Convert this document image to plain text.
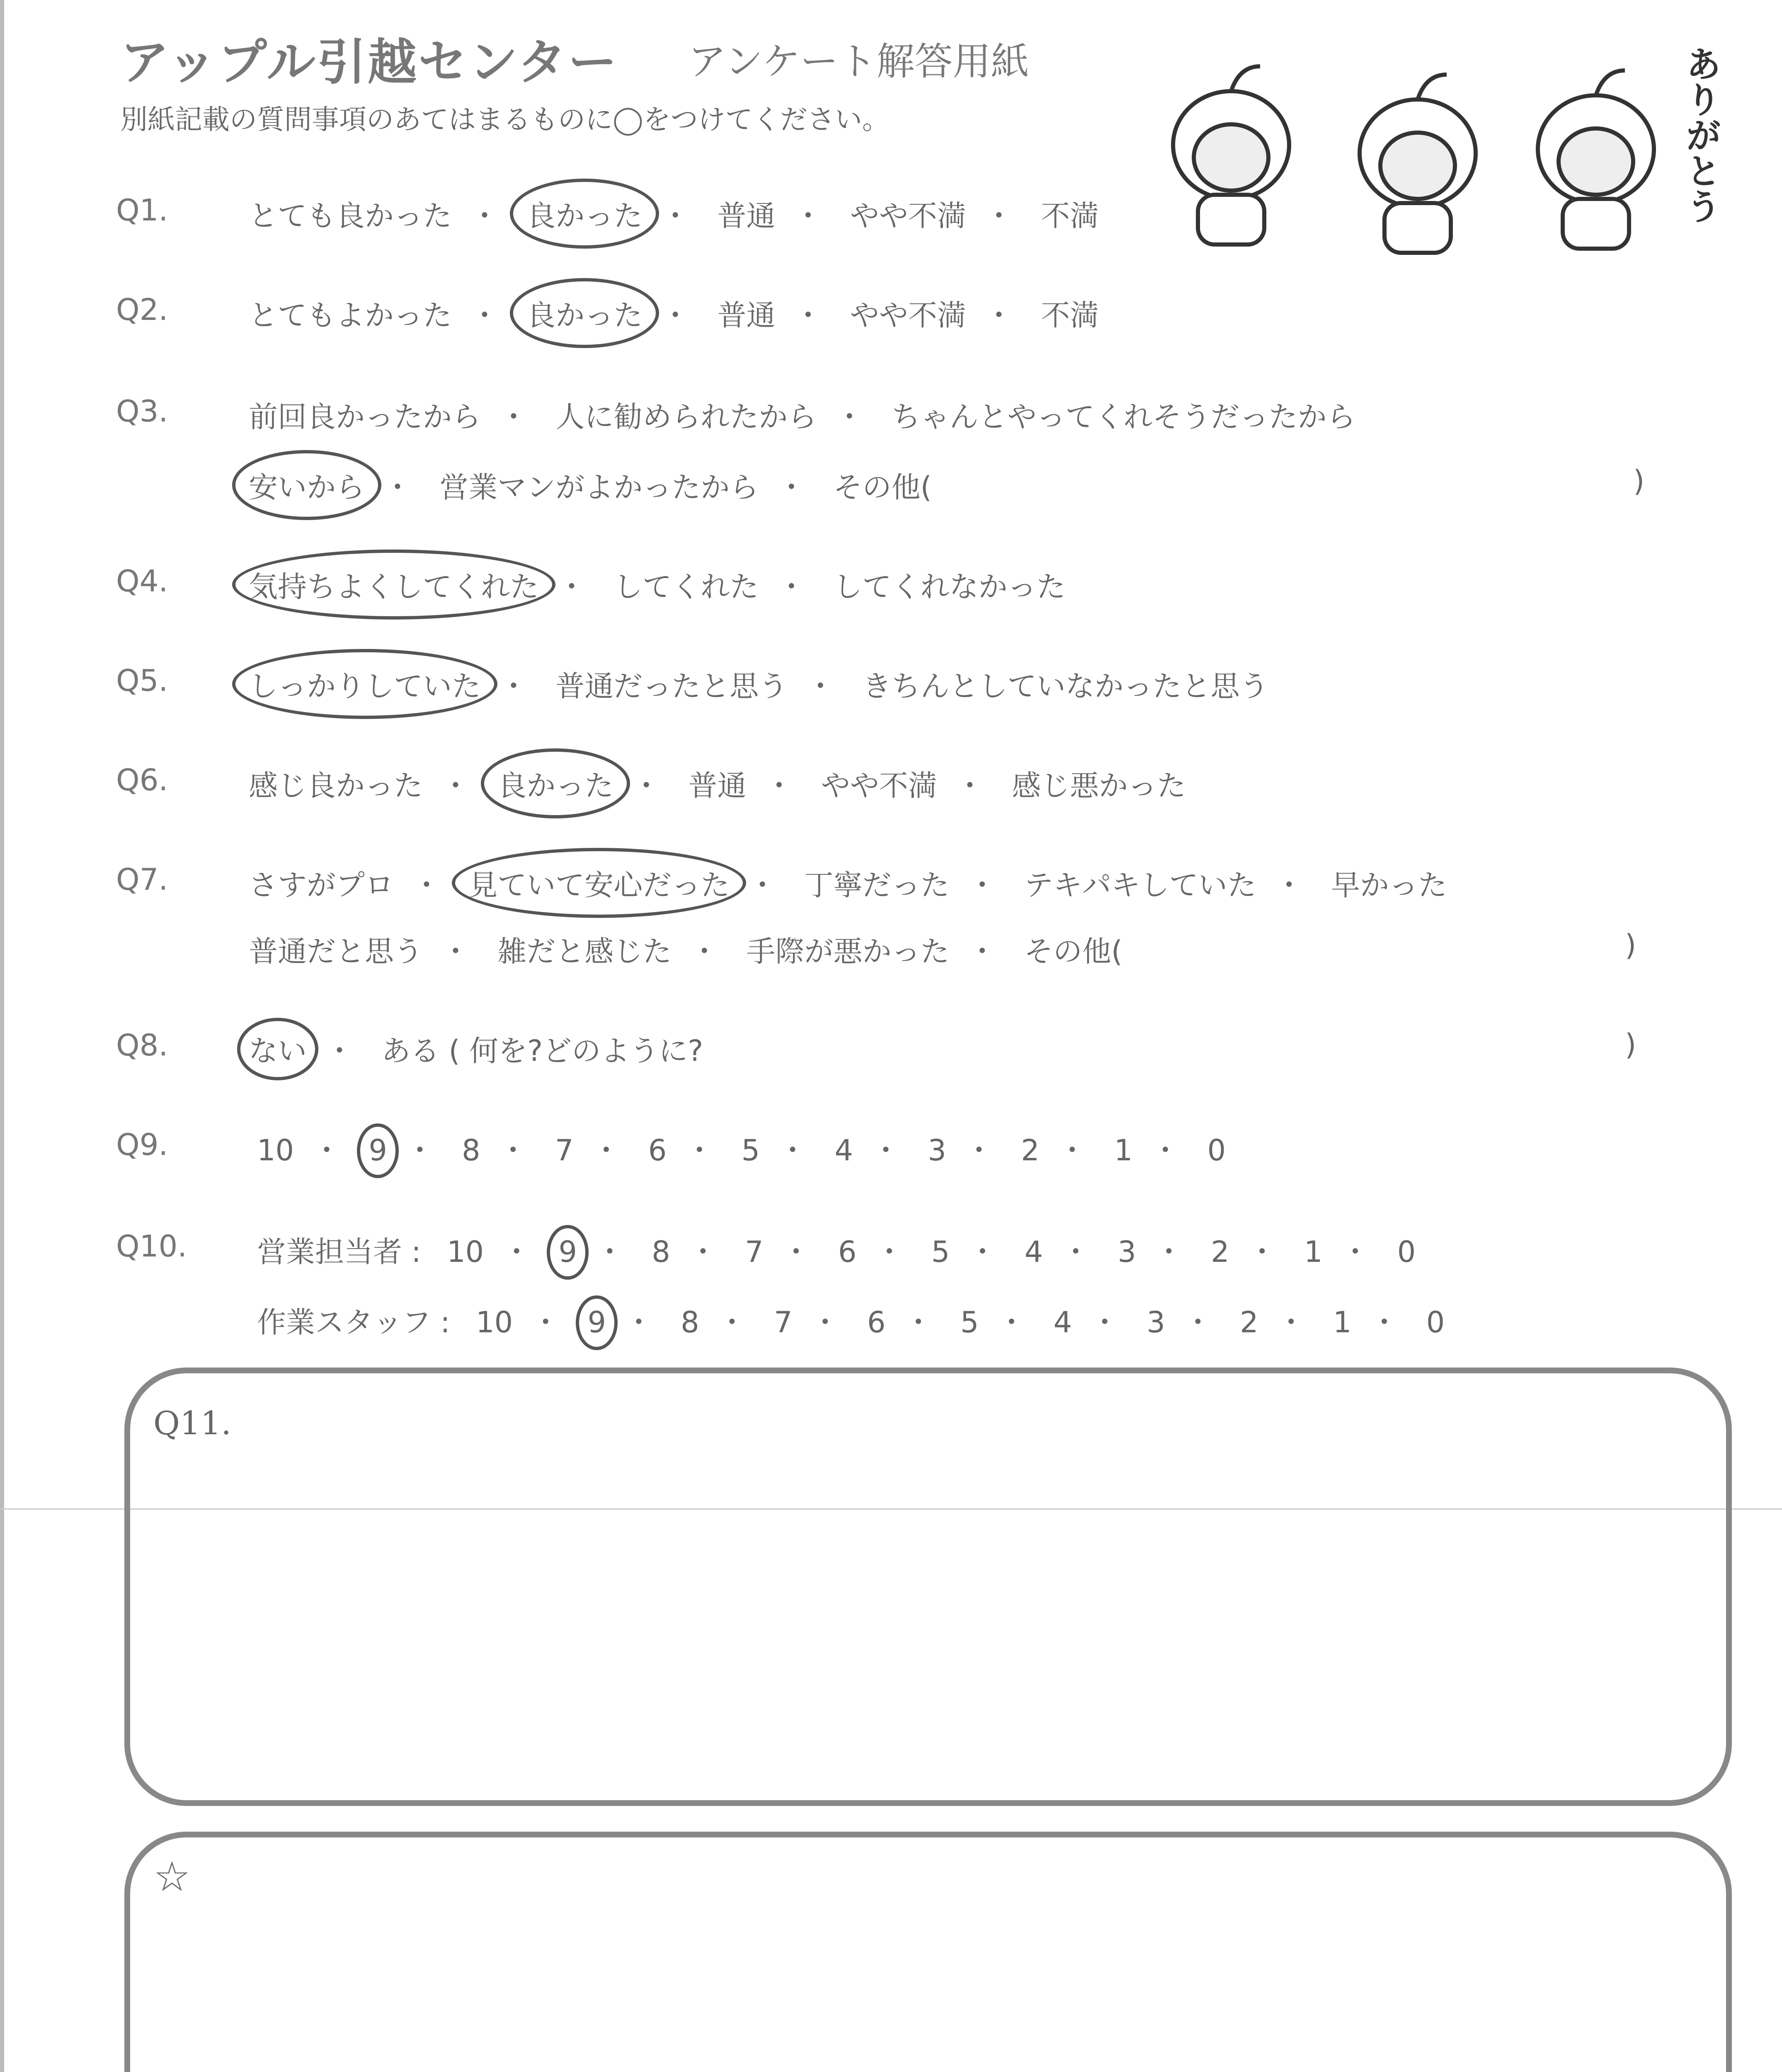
アップル引越センター アンケート解答用紙
別紙記載の質問事項のあてはまるものに◯をつけてください。	ありがとう
Q1.	とても良かった ・ 良かった ・ 普通 ・ やや不満 ・ 不満
Q2.	とてもよかった ・ 良かった ・ 普通 ・ やや不満 ・ 不満
Q3.	前回良かったから ・ 人に勧められたから ・ ちゃんとやってくれそうだったから
安いから ・ 営業マンがよかったから ・ その他(	)
Q4.	気持ちよくしてくれた ・ してくれた ・ してくれなかった
Q5.	しっかりしていた ・ 普通だったと思う ・ きちんとしていなかったと思う
Q6.	感じ良かった ・ 良かった ・ 普通 ・ やや不満 ・ 感じ悪かった
Q7.	さすがプロ ・ 見ていて安心だった ・ 丁寧だった ・ テキパキしていた ・ 早かった
普通だと思う ・ 雑だと感じた ・ 手際が悪かった ・ その他(	)
Q8.	ない ・ ある ( 何を?どのように?	)
Q9.	10 ・ 9 ・ 8 ・ 7 ・ 6 ・ 5 ・ 4 ・ 3 ・ 2 ・ 1 ・ 0
Q10. 営業担当者 : 10 ・ 9 ・ 8 ・ 7 ・ 6 ・ 5 ・ 4 ・ 3 ・ 2 ・ 1 ・ 0
作業スタッフ : 10 ・ 9 ・ 8 ・ 7 ・ 6 ・ 5 ・ 4 ・ 3 ・ 2 ・ 1 ・ 0
Q11.
☆
